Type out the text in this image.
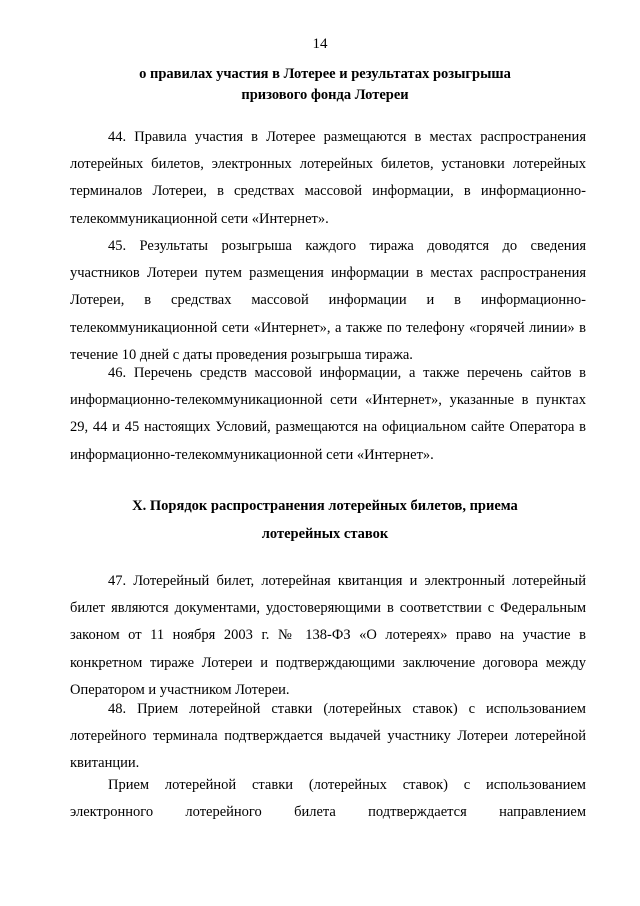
14
о правилах участия в Лотерее и результатах розыгрыша
призового фонда Лотереи
44. Правила участия в Лотерее размещаются в местах распространения лотерейных билетов, электронных лотерейных билетов, установки лотерейных терминалов Лотереи, в средствах массовой информации, в информационно-телекоммуникационной сети «Интернет».
45. Результаты розыгрыша каждого тиража доводятся до сведения участников Лотереи путем размещения информации в местах распространения Лотереи, в средствах массовой информации и в информационно-телекоммуникационной сети «Интернет», а также по телефону «горячей линии» в течение 10 дней с даты проведения розыгрыша тиража.
46. Перечень средств массовой информации, а также перечень сайтов в информационно-телекоммуникационной сети «Интернет», указанные в пунктах 29, 44 и 45 настоящих Условий, размещаются на официальном сайте Оператора в информационно-телекоммуникационной сети «Интернет».
X. Порядок распространения лотерейных билетов, приема
лотерейных ставок
47. Лотерейный билет, лотерейная квитанция и электронный лотерейный билет являются документами, удостоверяющими в соответствии с Федеральным законом от 11 ноября 2003 г. № 138-ФЗ «О лотереях» право на участие в конкретном тираже Лотереи и подтверждающими заключение договора между Оператором и участником Лотереи.
48. Прием лотерейной ставки (лотерейных ставок) с использованием лотерейного терминала подтверждается выдачей участнику Лотереи лотерейной квитанции.
Прием лотерейной ставки (лотерейных ставок) с использованием электронного лотерейного билета подтверждается направлением
